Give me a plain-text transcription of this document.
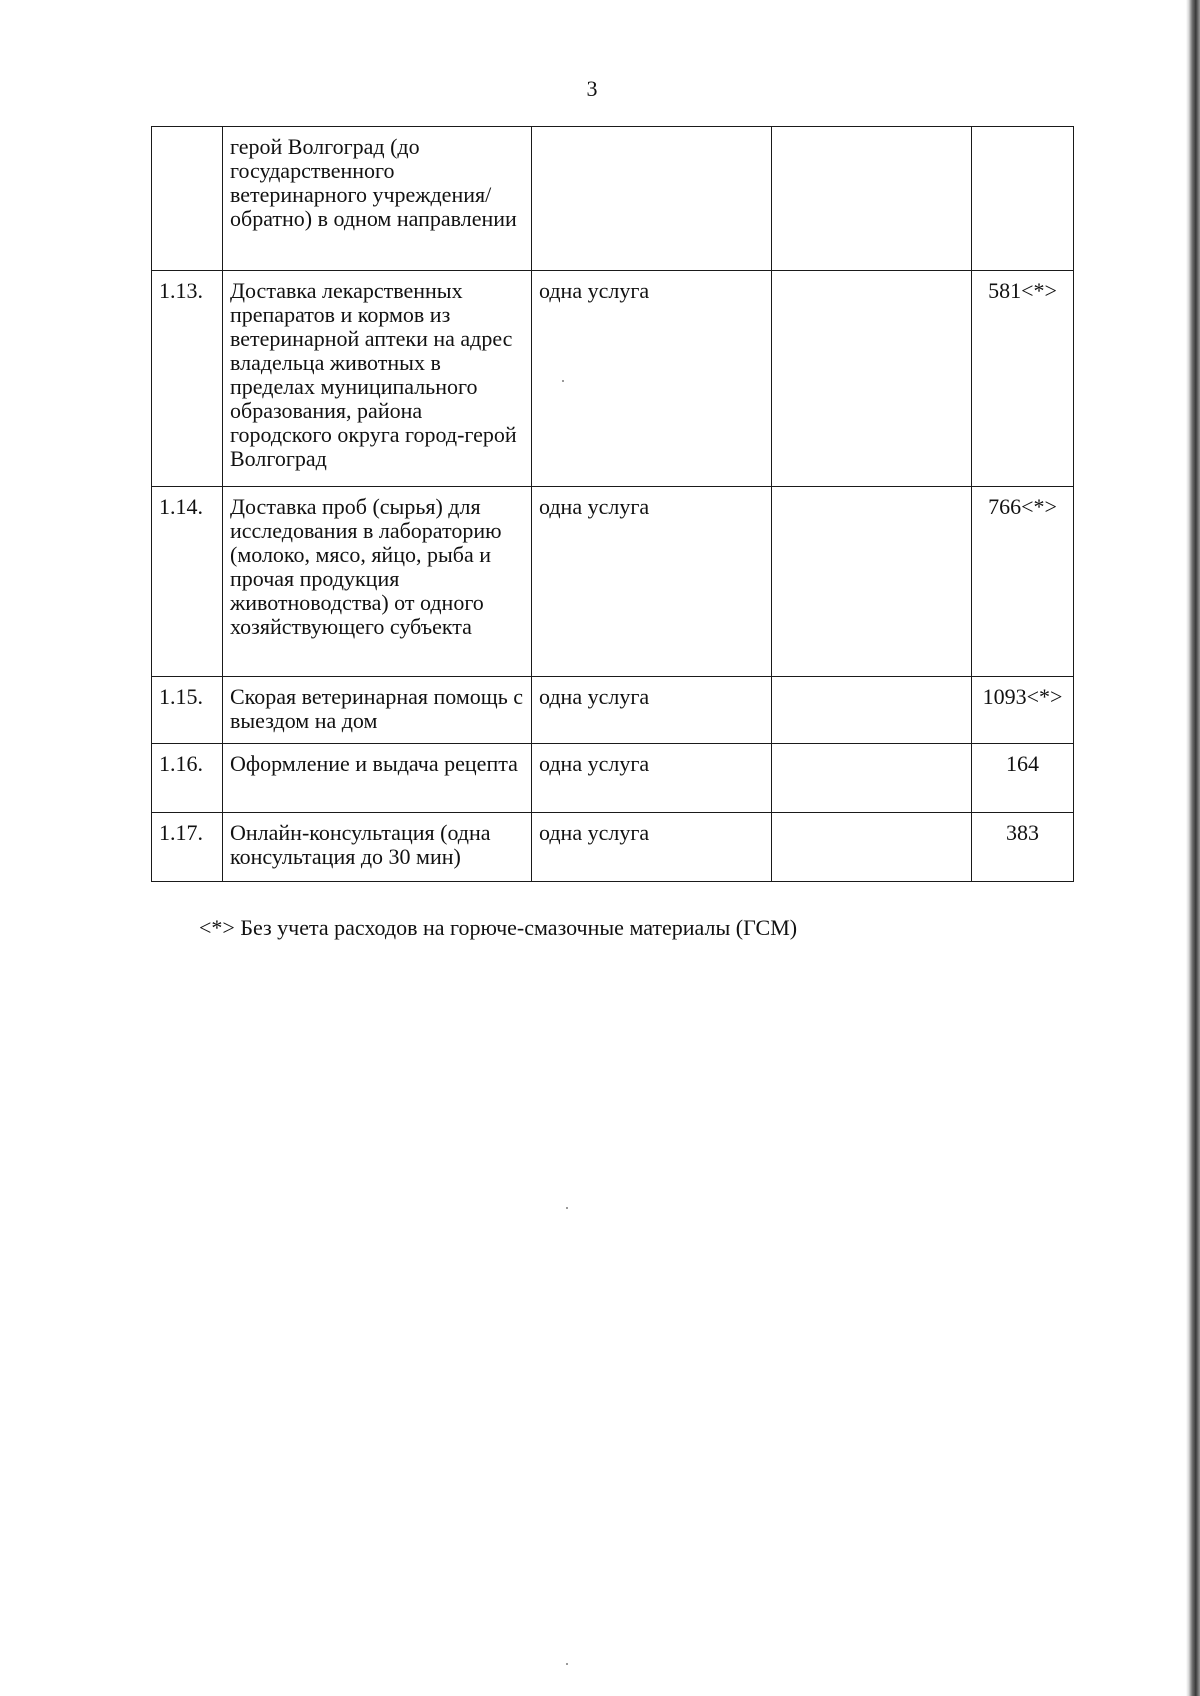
3
	герой Волгоград (до государственного ветеринарного учреждения/обратно) в одном направлении			
1.13.	Доставка лекарственных препаратов и кормов из ветеринарной аптеки на адрес владельца животных в пределах муниципального образования, района городского округа город-герой Волгоград	одна услуга		581<*>
1.14.	Доставка проб (сырья) для исследования в лабораторию (молоко, мясо, яйцо, рыба и прочая продукция животноводства) от одного хозяйствующего субъекта	одна услуга		766<*>
1.15.	Скорая ветеринарная помощь с выездом на дом	одна услуга		1093<*>
1.16.	Оформление и выдача рецепта	одна услуга		164
1.17.	Онлайн-консультация (одна консультация до 30 мин)	одна услуга		383
<*> Без учета расходов на горюче-смазочные материалы (ГСМ)
